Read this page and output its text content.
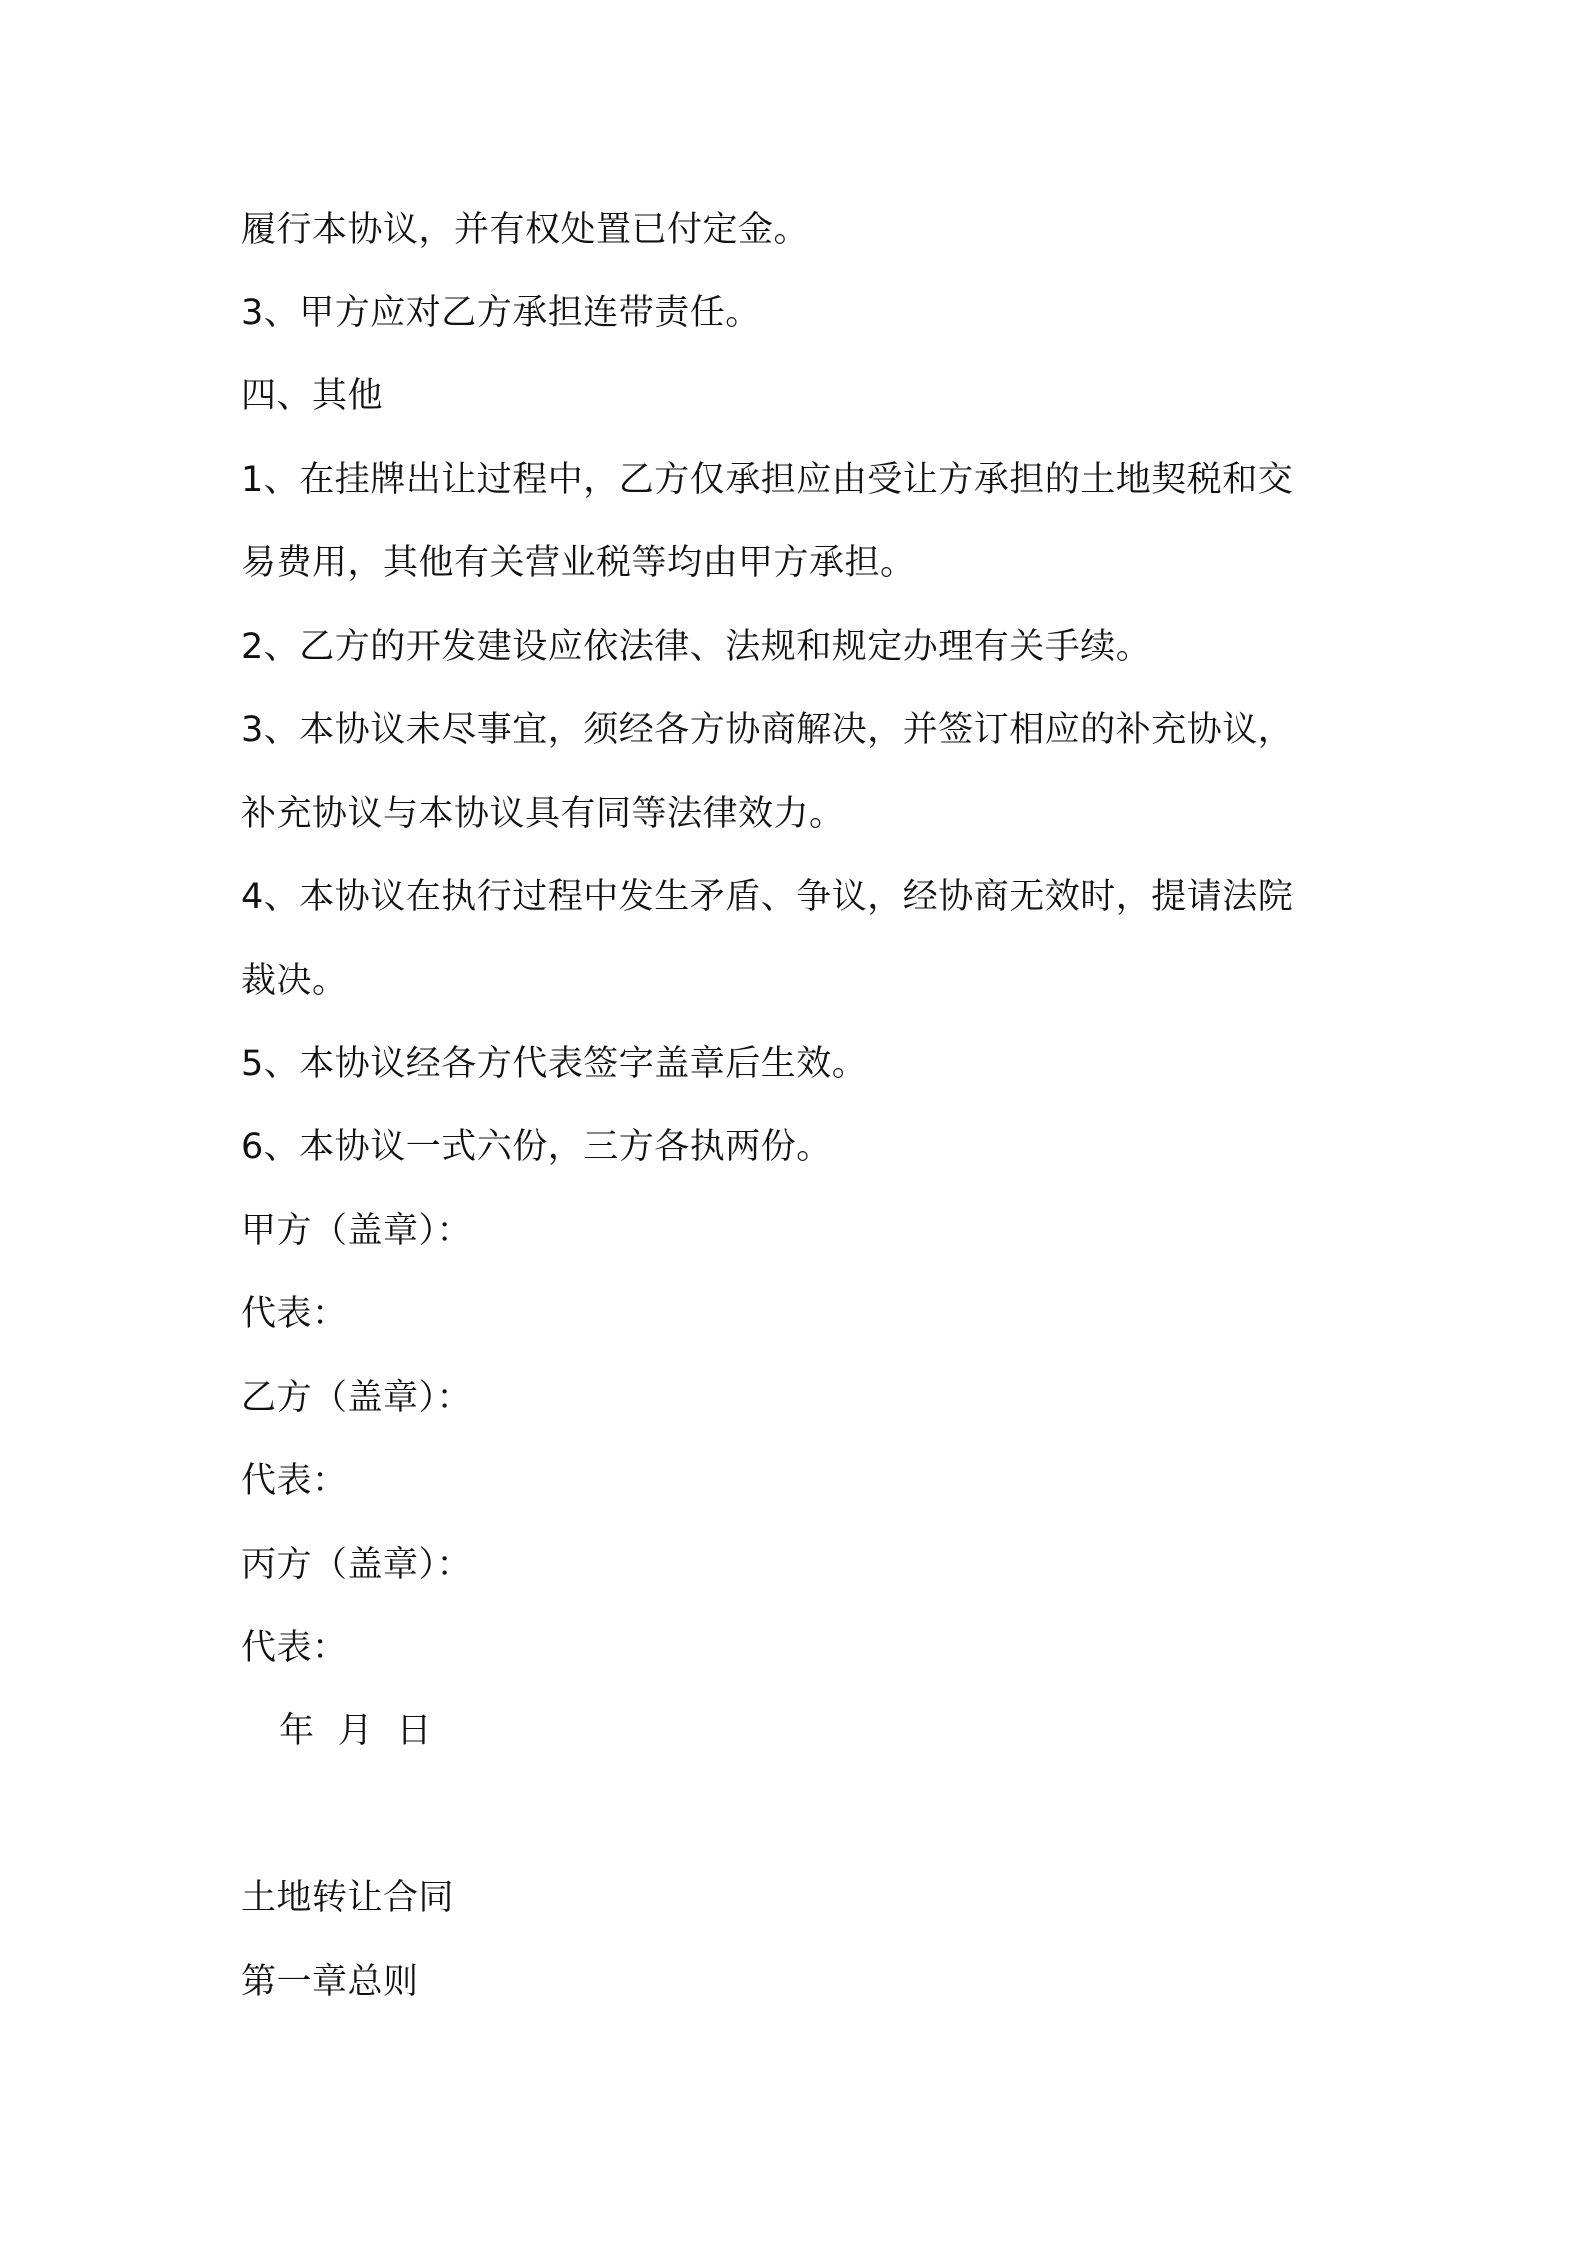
履行本协议，并有权处置已付定金。

3、甲方应对乙方承担连带责任。

四、其他

1、在挂牌出让过程中，乙方仅承担应由受让方承担的土地契税和交

易费用，其他有关营业税等均由甲方承担。

2、乙方的开发建设应依法律、法规和规定办理有关手续。

3、本协议未尽事宜，须经各方协商解决，并签订相应的补充协议，

补充协议与本协议具有同等法律效力。

4、本协议在执行过程中发生矛盾、争议，经协商无效时，提请法院

裁决。

5、本协议经各方代表签字盖章后生效。

6、本协议一式六份，三方各执两份。

甲方（盖章）：

代表：

乙方（盖章）：

代表：

丙方（盖章）：

代表：

年  月  日

土地转让合同

第一章总则
